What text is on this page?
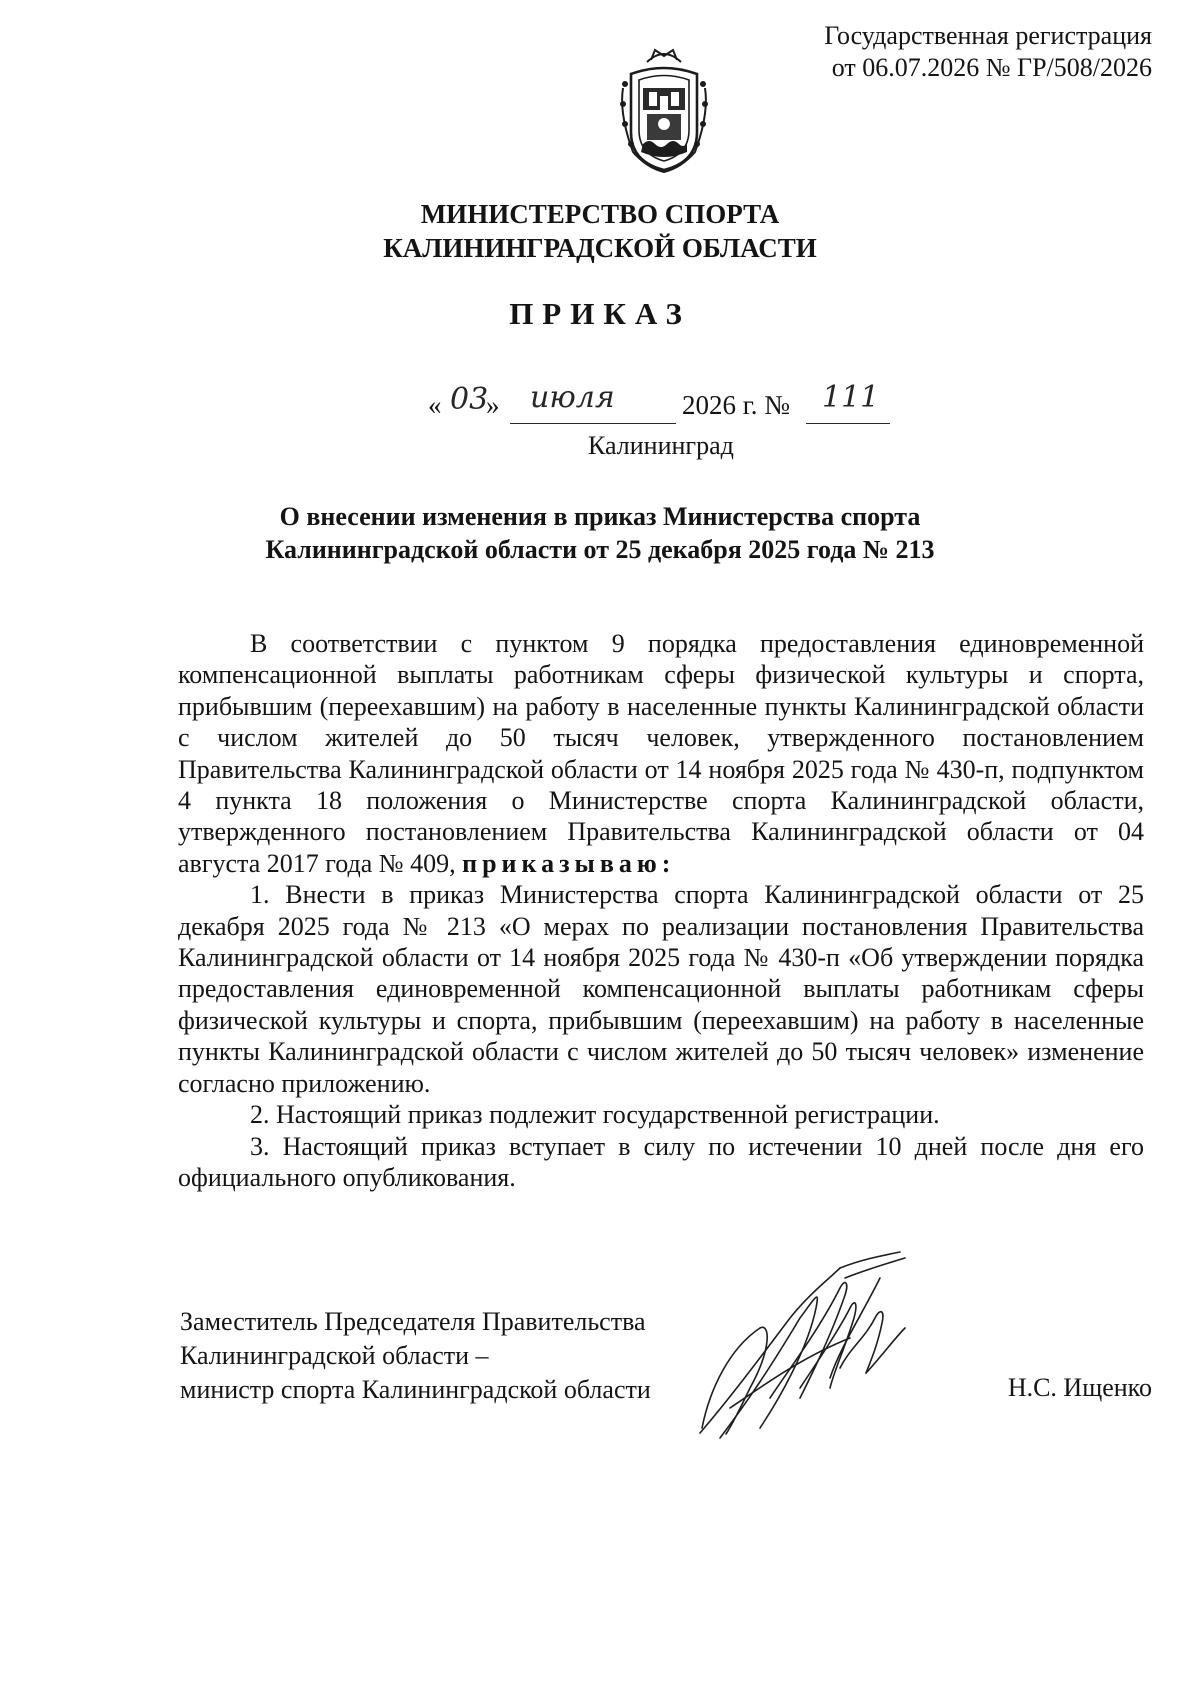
Государственная регистрация
от 06.07.2026 № ГР/508/2026
МИНИСТЕРСТВО СПОРТА
КАЛИНИНГРАДСКОЙ ОБЛАСТИ
ПРИКАЗ
« 03
» июля 2026 г. № 111
Калининград
О внесении изменения в приказ Министерства спорта
Калининградской области от 25 декабря 2025 года № 213

В соответствии с пунктом 9 порядка предоставления единовременной компенсационной выплаты работникам сферы физической культуры и спорта, прибывшим (переехавшим) на работу в населенные пункты Калининградской области с числом жителей до 50 тысяч человек, утвержденного постановлением Правительства Калининградской области от 14 ноября 2025 года № 430-п, подпунктом 4 пункта 18 положения о Министерстве спорта Калининградской области, утвержденного постановлением Правительства Калининградской области от 04 августа 2017 года № 409, приказываю:

1. Внести в приказ Министерства спорта Калининградской области от 25 декабря 2025 года № 213 «О мерах по реализации постановления Правительства Калининградской области от 14 ноября 2025 года № 430-п «Об утверждении порядка предоставления единовременной компенсационной выплаты работникам сферы физической культуры и спорта, прибывшим (переехавшим) на работу в населенные пункты Калининградской области с числом жителей до 50 тысяч человек» изменение согласно приложению.

2. Настоящий приказ подлежит государственной регистрации.

3. Настоящий приказ вступает в силу по истечении 10 дней после дня его официального опубликования.

Заместитель Председателя Правительства
Калининградской области –
министр спорта Калининградской области	Н.С. Ищенко
